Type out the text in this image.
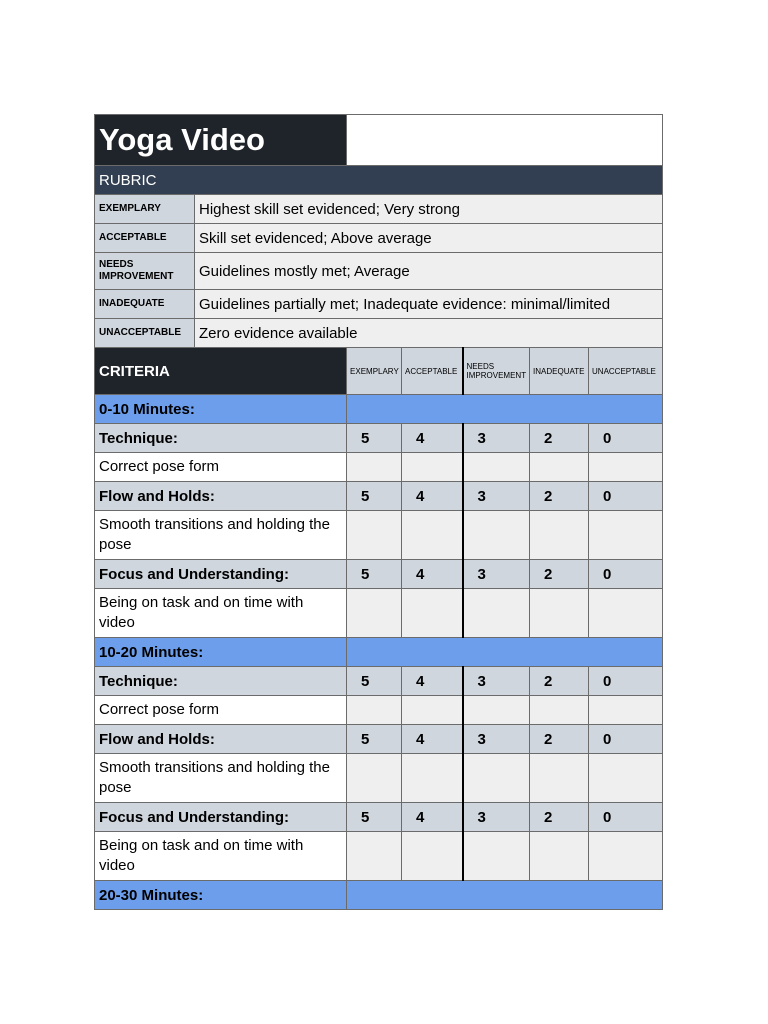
Yoga Video						
RUBRIC						
EXEMPLARY	Highest skill set evidenced; Very strong					
ACCEPTABLE	Skill set evidenced; Above average					
NEEDS IMPROVEMENT	Guidelines mostly met; Average					
INADEQUATE	Guidelines partially met; Inadequate evidence: minimal/limited					
UNACCEPTABLE	Zero evidence available					
CRITERIA		EXEMPLARY	ACCEPTABLE	NEEDS IMPROVEMENT	INADEQUATE	UNACCEPTABLE
0-10 Minutes:						
Technique:		5	4	3	2	0
Correct pose form						
Flow and Holds:		5	4	3	2	0
Smooth transitions and holding the pose						
Focus and Understanding:		5	4	3	2	0
Being on task and on time with video						
10-20 Minutes:						
Technique:		5	4	3	2	0
Correct pose form						
Flow and Holds:		5	4	3	2	0
Smooth transitions and holding the pose						
Focus and Understanding:		5	4	3	2	0
Being on task and on time with video						
20-30 Minutes:						
